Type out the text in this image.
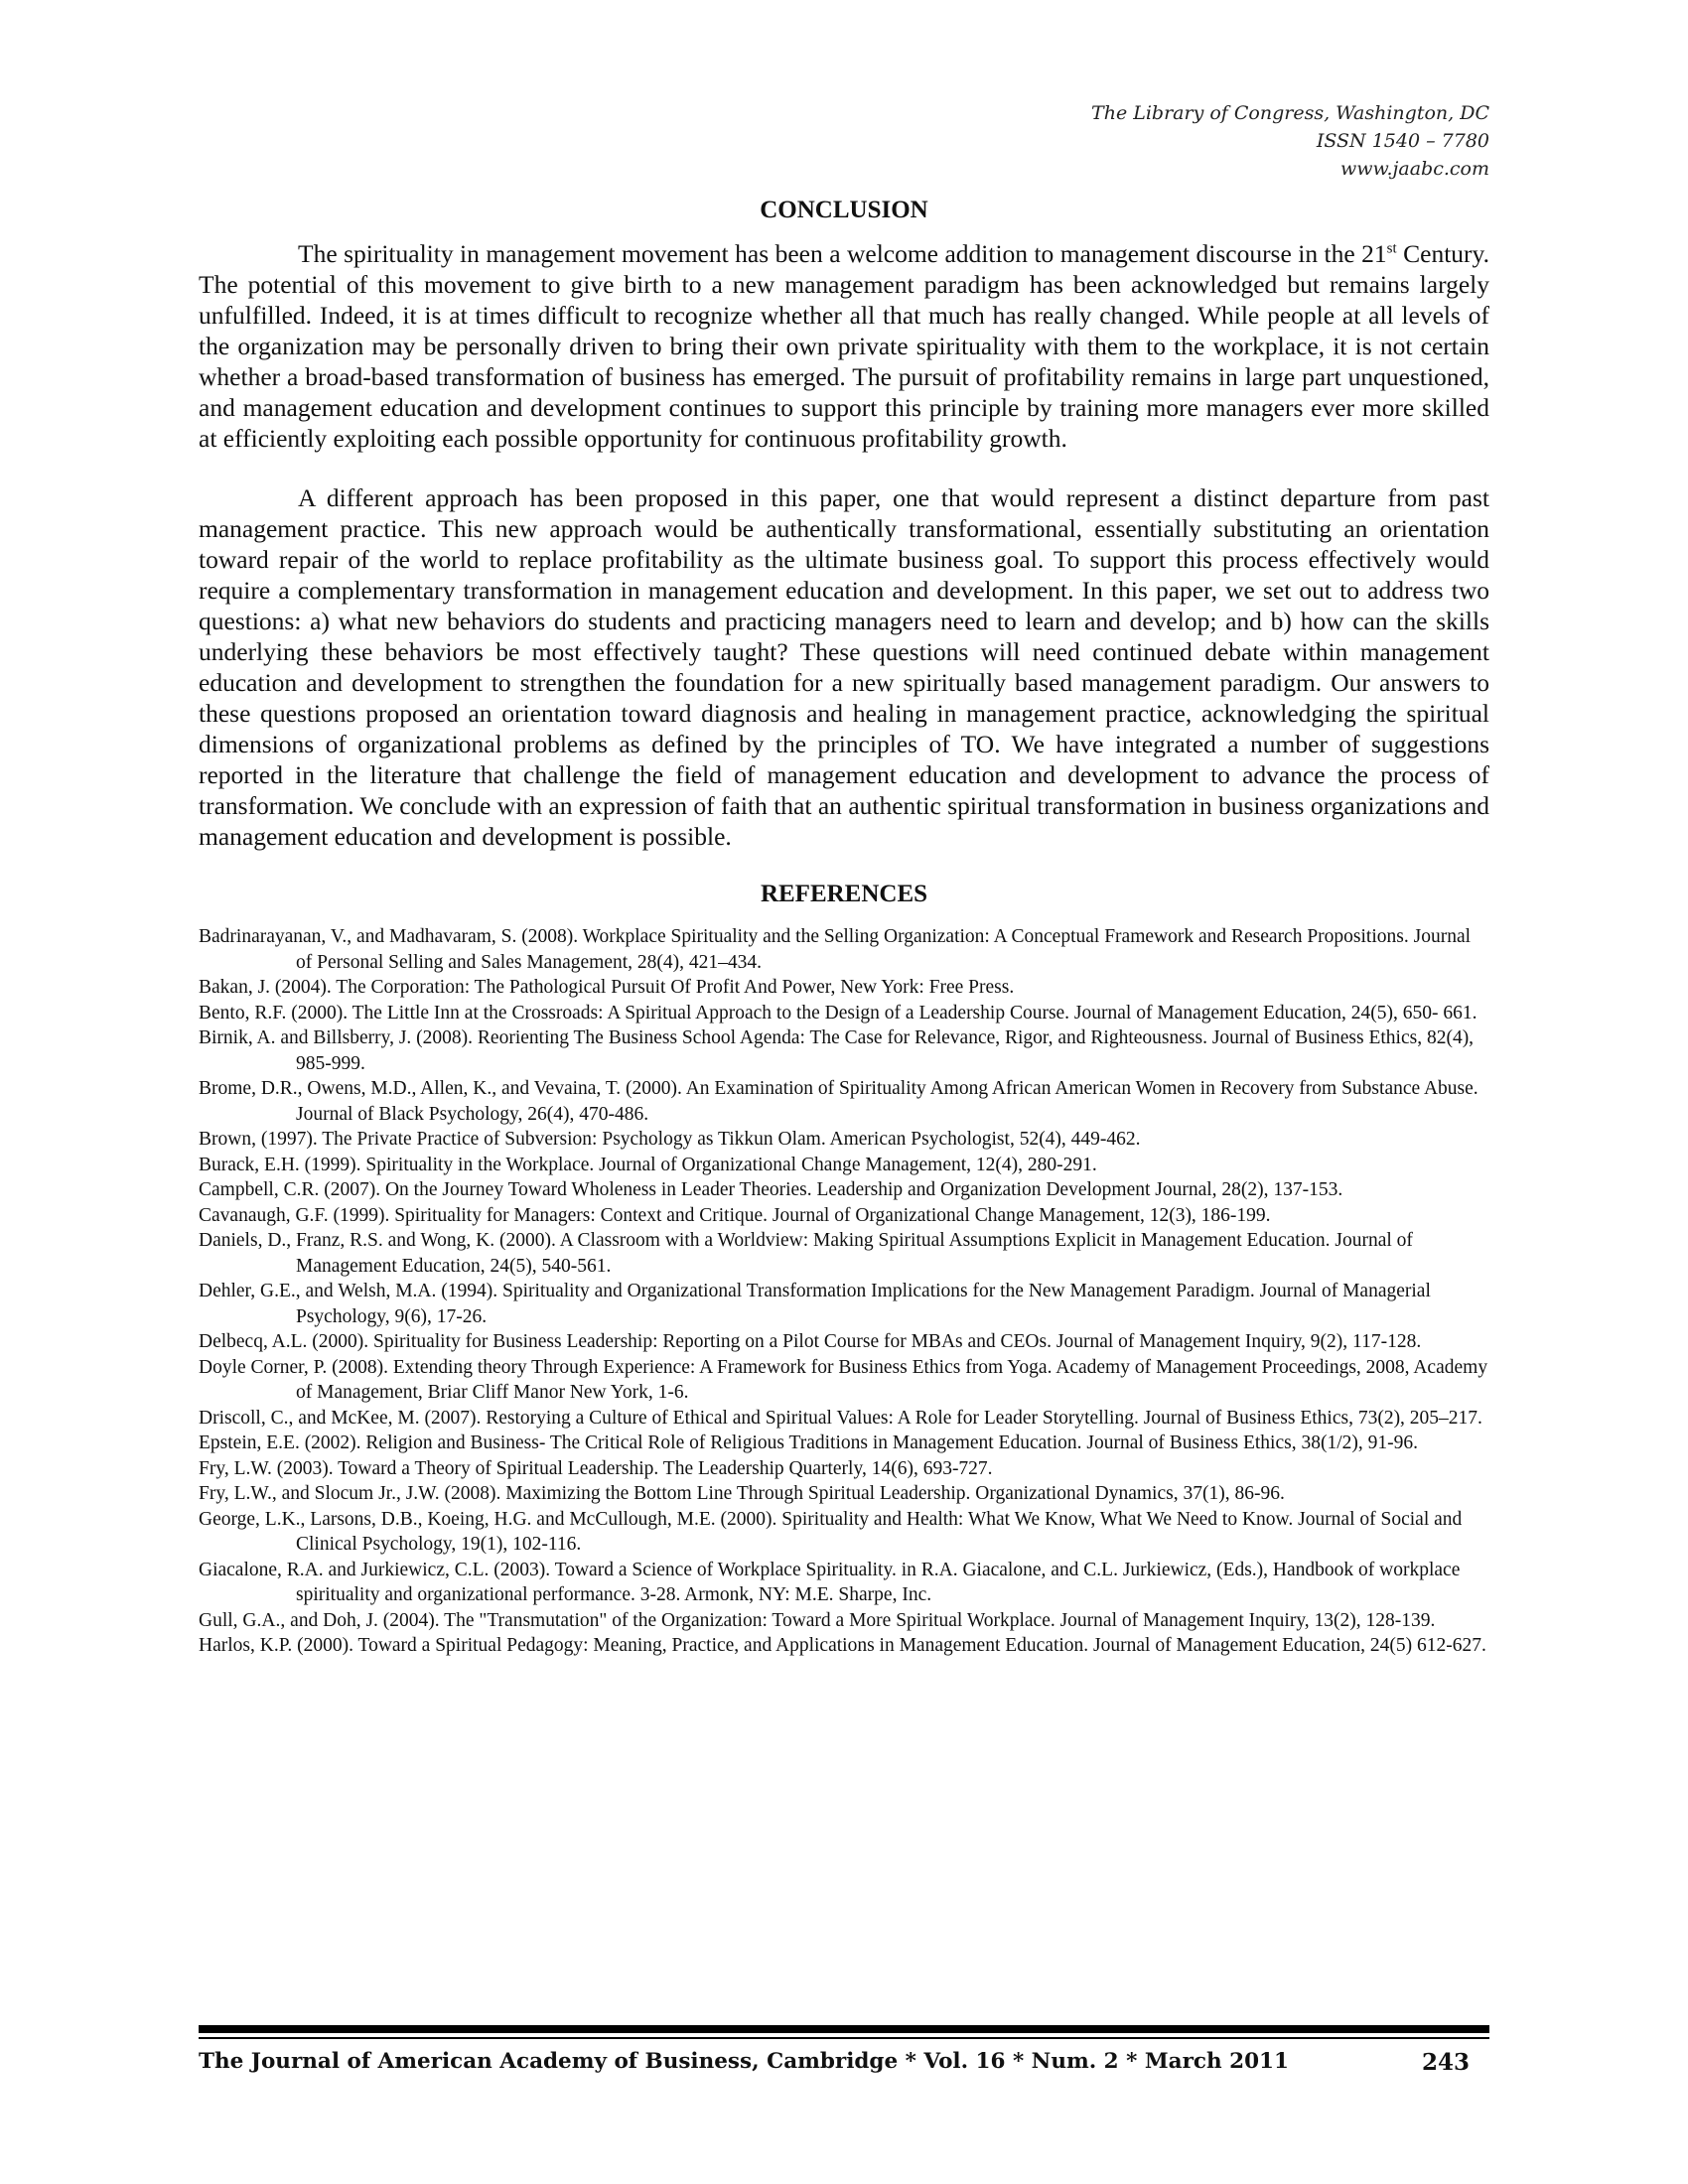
The Library of Congress, Washington, DC
ISSN 1540 – 7780
www.jaabc.com
CONCLUSION

The spirituality in management movement has been a welcome addition to management discourse in the 21st Century. The potential of this movement to give birth to a new management paradigm has been acknowledged but remains largely unfulfilled. Indeed, it is at times difficult to recognize whether all that much has really changed. While people at all levels of the organization may be personally driven to bring their own private spirituality with them to the workplace, it is not certain whether a broad-based transformation of business has emerged. The pursuit of profitability remains in large part unquestioned, and management education and development continues to support this principle by training more managers ever more skilled at efficiently exploiting each possible opportunity for continuous profitability growth.

A different approach has been proposed in this paper, one that would represent a distinct departure from past management practice. This new approach would be authentically transformational, essentially substituting an orientation toward repair of the world to replace profitability as the ultimate business goal. To support this process effectively would require a complementary transformation in management education and development. In this paper, we set out to address two questions: a) what new behaviors do students and practicing managers need to learn and develop; and b) how can the skills underlying these behaviors be most effectively taught? These questions will need continued debate within management education and development to strengthen the foundation for a new spiritually based management paradigm. Our answers to these questions proposed an orientation toward diagnosis and healing in management practice, acknowledging the spiritual dimensions of organizational problems as defined by the principles of TO. We have integrated a number of suggestions reported in the literature that challenge the field of management education and development to advance the process of transformation. We conclude with an expression of faith that an authentic spiritual transformation in business organizations and management education and development is possible.

REFERENCES

Badrinarayanan, V., and Madhavaram, S. (2008). Workplace Spirituality and the Selling Organization: A Conceptual Framework and Research Propositions. Journal of Personal Selling and Sales Management, 28(4), 421–434.

Bakan, J. (2004). The Corporation: The Pathological Pursuit Of Profit And Power, New York: Free Press.

Bento, R.F. (2000). The Little Inn at the Crossroads: A Spiritual Approach to the Design of a Leadership Course. Journal of Management Education, 24(5), 650- 661.

Birnik, A. and Billsberry, J. (2008). Reorienting The Business School Agenda: The Case for Relevance, Rigor, and Righteousness. Journal of Business Ethics, 82(4), 985-999.

Brome, D.R., Owens, M.D., Allen, K., and Vevaina, T. (2000). An Examination of Spirituality Among African American Women in Recovery from Substance Abuse. Journal of Black Psychology, 26(4), 470-486.

Brown, (1997). The Private Practice of Subversion: Psychology as Tikkun Olam. American Psychologist, 52(4), 449-462.

Burack, E.H. (1999). Spirituality in the Workplace. Journal of Organizational Change Management, 12(4), 280-291.

Campbell, C.R. (2007). On the Journey Toward Wholeness in Leader Theories. Leadership and Organization Development Journal, 28(2), 137-153.

Cavanaugh, G.F. (1999). Spirituality for Managers: Context and Critique. Journal of Organizational Change Management, 12(3), 186-199.

Daniels, D., Franz, R.S. and Wong, K. (2000). A Classroom with a Worldview: Making Spiritual Assumptions Explicit in Management Education. Journal of Management Education, 24(5), 540-561.

Dehler, G.E., and Welsh, M.A. (1994). Spirituality and Organizational Transformation Implications for the New Management Paradigm. Journal of Managerial Psychology, 9(6), 17-26.

Delbecq, A.L. (2000). Spirituality for Business Leadership: Reporting on a Pilot Course for MBAs and CEOs. Journal of Management Inquiry, 9(2), 117-128.

Doyle Corner, P. (2008). Extending theory Through Experience: A Framework for Business Ethics from Yoga. Academy of Management Proceedings, 2008, Academy of Management, Briar Cliff Manor New York, 1-6.

Driscoll, C., and McKee, M. (2007). Restorying a Culture of Ethical and Spiritual Values: A Role for Leader Storytelling. Journal of Business Ethics, 73(2), 205–217.

Epstein, E.E. (2002). Religion and Business- The Critical Role of Religious Traditions in Management Education. Journal of Business Ethics, 38(1/2), 91-96.

Fry, L.W. (2003). Toward a Theory of Spiritual Leadership. The Leadership Quarterly, 14(6), 693-727.

Fry, L.W., and Slocum Jr., J.W. (2008). Maximizing the Bottom Line Through Spiritual Leadership. Organizational Dynamics, 37(1), 86-96.

George, L.K., Larsons, D.B., Koeing, H.G. and McCullough, M.E. (2000). Spirituality and Health: What We Know, What We Need to Know. Journal of Social and Clinical Psychology, 19(1), 102-116.

Giacalone, R.A. and Jurkiewicz, C.L. (2003). Toward a Science of Workplace Spirituality. in R.A. Giacalone, and C.L. Jurkiewicz, (Eds.), Handbook of workplace spirituality and organizational performance. 3-28. Armonk, NY: M.E. Sharpe, Inc.

Gull, G.A., and Doh, J. (2004). The "Transmutation" of the Organization: Toward a More Spiritual Workplace. Journal of Management Inquiry, 13(2), 128-139.

Harlos, K.P. (2000). Toward a Spiritual Pedagogy: Meaning, Practice, and Applications in Management Education. Journal of Management Education, 24(5) 612-627.

The Journal of American Academy of Business, Cambridge * Vol. 16 * Num. 2 * March 2011	243
